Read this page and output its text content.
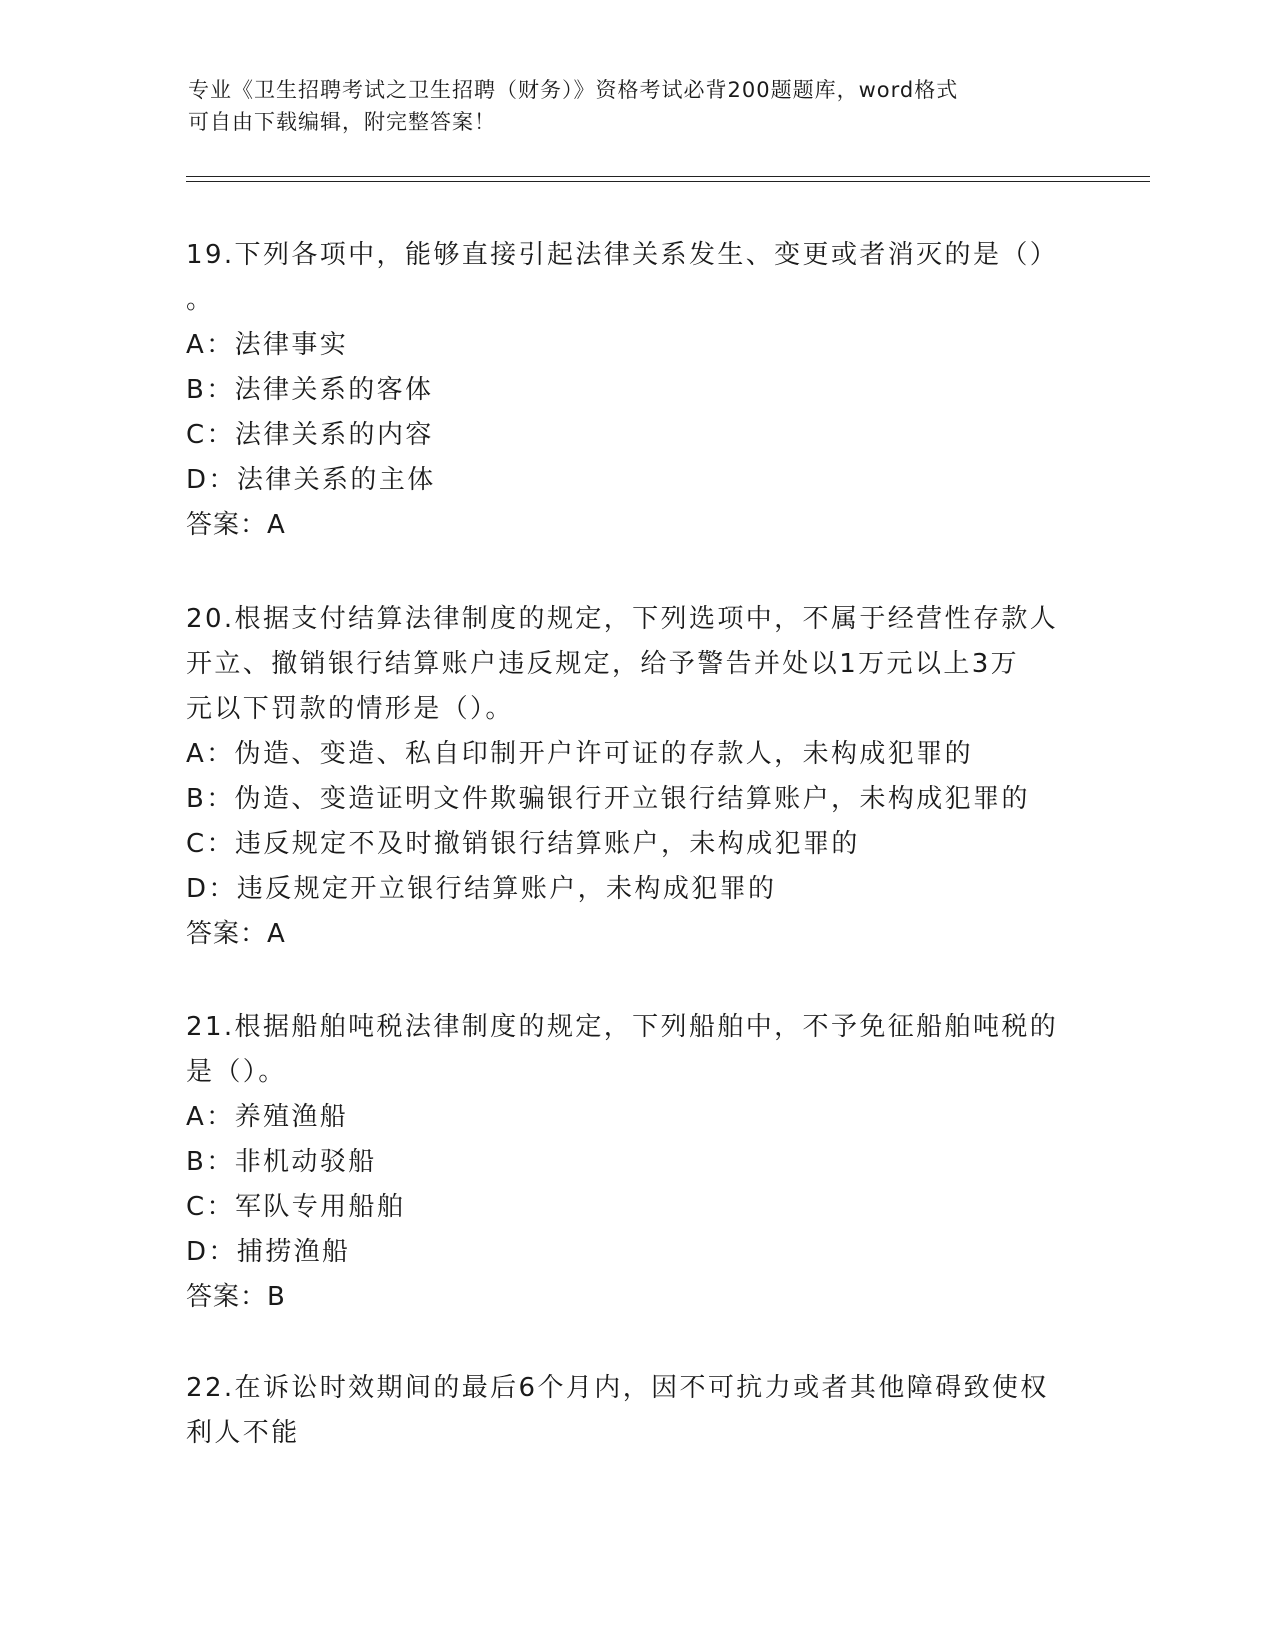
专业《卫生招聘考试之卫生招聘（财务）》资格考试必背200题题库，word格式
可自由下载编辑，附完整答案！

19.下列各项中，能够直接引起法律关系发生、变更或者消灭的是（）

。

A：法律事实

B：法律关系的客体

C：法律关系的内容

D：法律关系的主体

答案：A

20.根据支付结算法律制度的规定，下列选项中，不属于经营性存款人

开立、撤销银行结算账户违反规定，给予警告并处以1万元以上3万

元以下罚款的情形是（）。

A：伪造、变造、私自印制开户许可证的存款人，未构成犯罪的

B：伪造、变造证明文件欺骗银行开立银行结算账户，未构成犯罪的

C：违反规定不及时撤销银行结算账户，未构成犯罪的

D：违反规定开立银行结算账户，未构成犯罪的

答案：A

21.根据船舶吨税法律制度的规定，下列船舶中，不予免征船舶吨税的

是（）。

A：养殖渔船

B：非机动驳船

C：军队专用船舶

D：捕捞渔船

答案：B

22.在诉讼时效期间的最后6个月内，因不可抗力或者其他障碍致使权

利人不能
